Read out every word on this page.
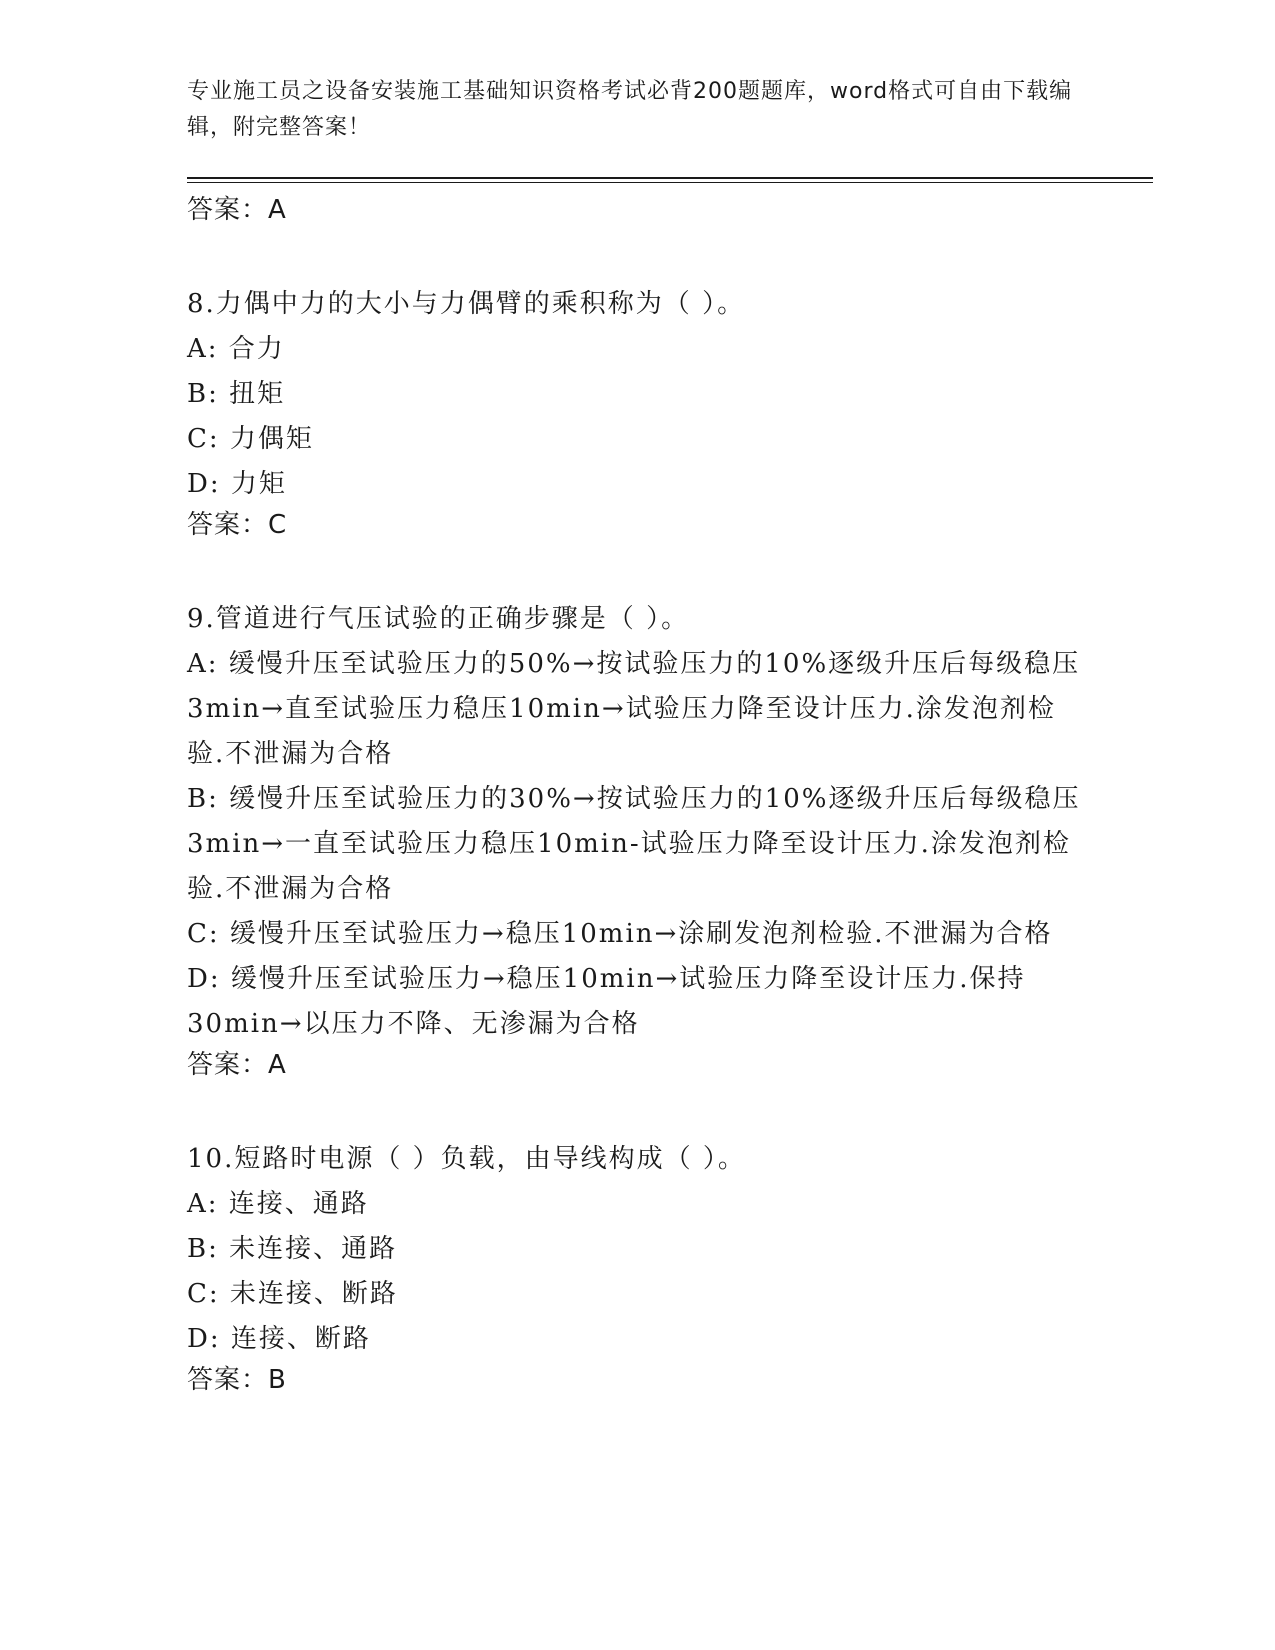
专业施工员之设备安装施工基础知识资格考试必背200题题库，word格式可自由下载编辑，附完整答案！
答案：A
8.力偶中力的大小与力偶臂的乘积称为（ ）。
A: 合力
B: 扭矩
C: 力偶矩
D: 力矩
答案：C
9.管道进行气压试验的正确步骤是（ ）。
A: 缓慢升压至试验压力的50%→按试验压力的10%逐级升压后每级稳压3min→直至试验压力稳压10min→试验压力降至设计压力.涂发泡剂检验.不泄漏为合格
B: 缓慢升压至试验压力的30%→按试验压力的10%逐级升压后每级稳压3min→一直至试验压力稳压10min-试验压力降至设计压力.涂发泡剂检验.不泄漏为合格
C: 缓慢升压至试验压力→稳压10min→涂刷发泡剂检验.不泄漏为合格
D: 缓慢升压至试验压力→稳压10min→试验压力降至设计压力.保持30min→以压力不降、无渗漏为合格
答案：A
10.短路时电源（ ）负载，由导线构成（ ）。
A: 连接、通路
B: 未连接、通路
C: 未连接、断路
D: 连接、断路
答案：B
